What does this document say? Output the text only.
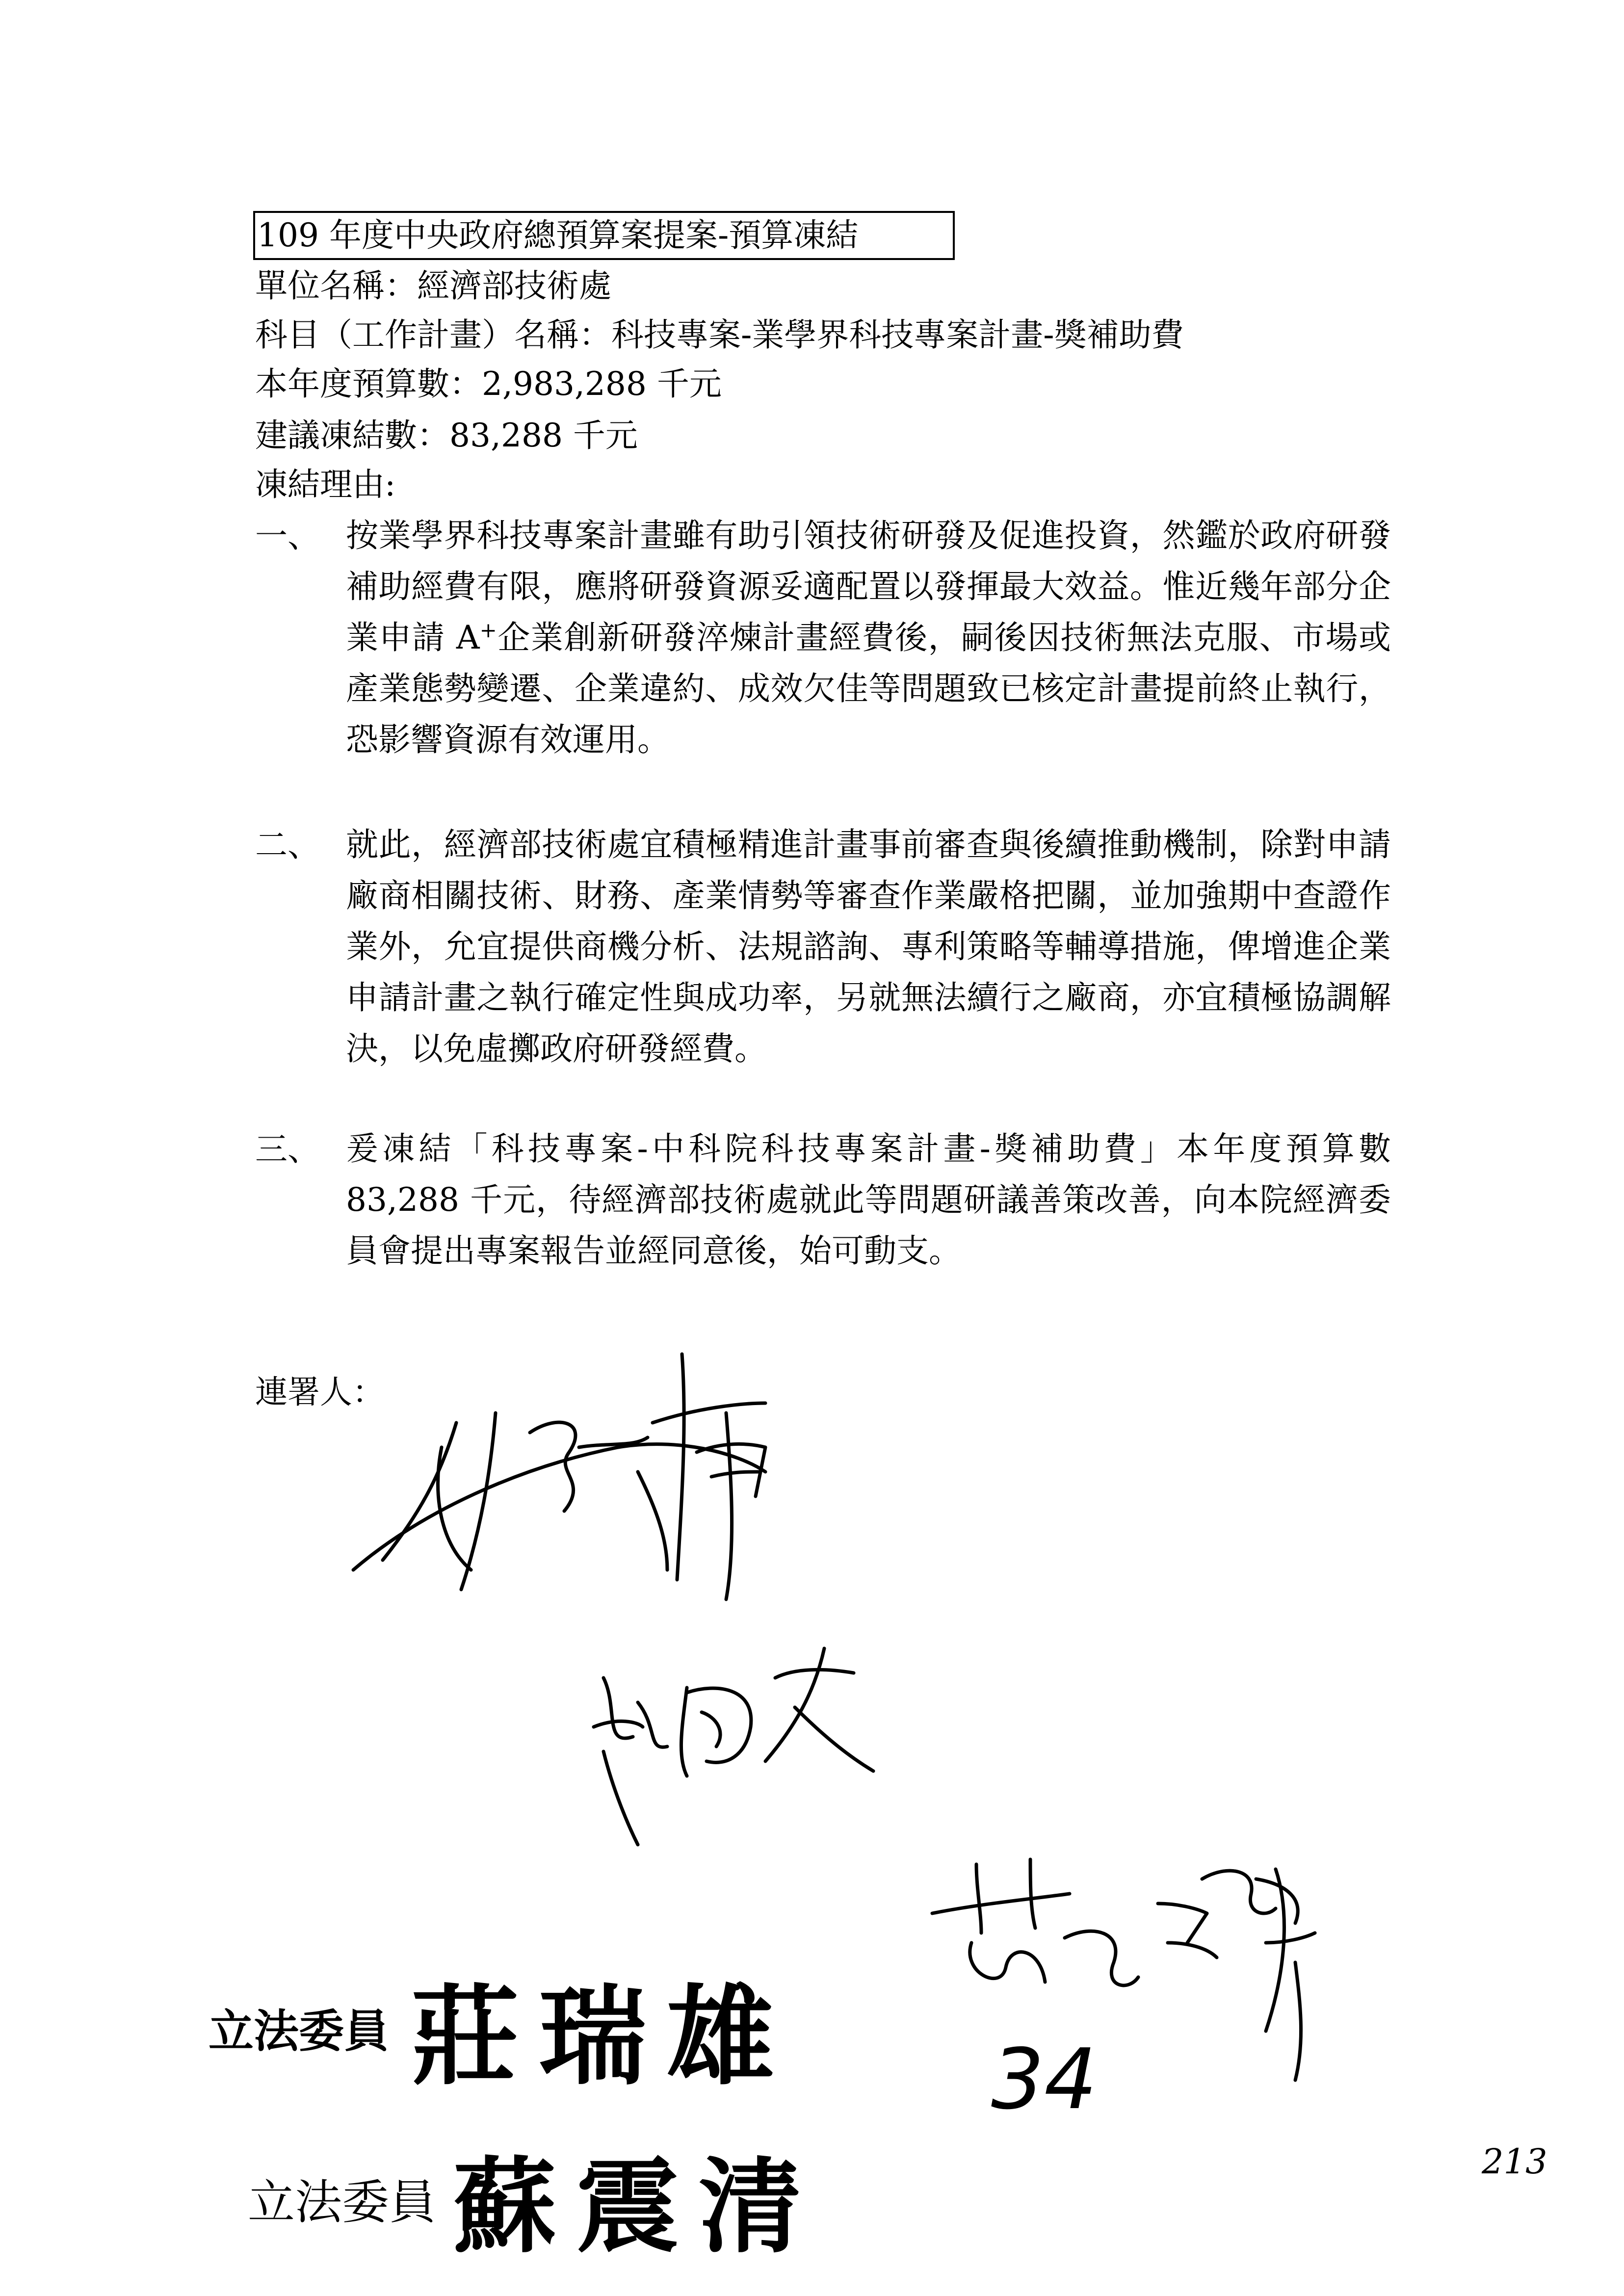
109 年度中央政府總預算案提案-預算凍結
單位名稱：經濟部技術處
科目（工作計畫）名稱：科技專案-業學界科技專案計畫-獎補助費
本年度預算數：2,983,288 千元
建議凍結數：83,288 千元
凍結理由:
一、 按業學界科技專案計畫雖有助引領技術研發及促進投資，然鑑於政府研發補助經費有限，應將研發資源妥適配置以發揮最大效益。惟近幾年部分企業申請 A+企業創新研發淬煉計畫經費後，嗣後因技術無法克服、市場或產業態勢變遷、企業違約、成效欠佳等問題致已核定計畫提前終止執行，恐影響資源有效運用。
二、 就此，經濟部技術處宜積極精進計畫事前審查與後續推動機制，除對申請廠商相關技術、財務、產業情勢等審查作業嚴格把關，並加強期中查證作業外，允宜提供商機分析、法規諮詢、專利策略等輔導措施，俾增進企業申請計畫之執行確定性與成功率，另就無法續行之廠商，亦宜積極協調解決，以免虛擲政府研發經費。
三、 爰凍結「科技專案-中科院科技專案計畫-獎補助費」本年度預算數 83,288 千元，待經濟部技術處就此等問題研議善策改善，向本院經濟委員會提出專案報告並經同意後，始可動支。
連署人：
立法委員 莊瑞雄
立法委員 蘇震清
34
213
